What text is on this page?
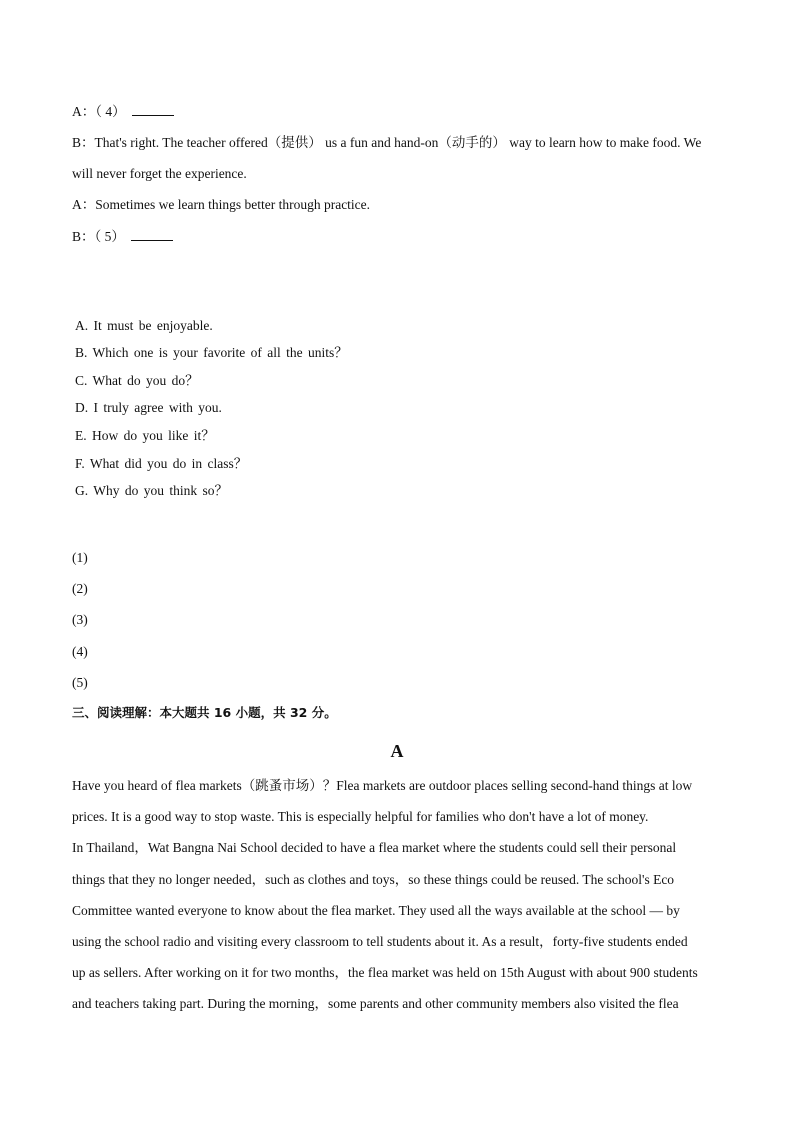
A：（ 4）
B：That's right. The teacher offered（提供） us a fun and hand-on（动手的） way to learn how to make food. We
will never forget the experience.
A：Sometimes we learn things better through practice.
B：（ 5）
A. It must be enjoyable.
B. Which one is your favorite of all the units？
C. What do you do？
D. I truly agree with you.
E. How do you like it？
F. What did you do in class？
G. Why do you think so？
(1)
(2)
(3)
(4)
(5)
三、阅读理解：本大题共 16 小题，共 32 分。
A
Have you heard of flea markets（跳蚤市场）？Flea markets are outdoor places selling second-hand things at low
prices. It is a good way to stop waste. This is especially helpful for families who don't have a lot of money.
In Thailand，Wat Bangna Nai School decided to have a flea market where the students could sell their personal
things that they no longer needed，such as clothes and toys，so these things could be reused. The school's Eco
Committee wanted everyone to know about the flea market. They used all the ways available at the school — by
using the school radio and visiting every classroom to tell students about it. As a result，forty-five students ended
up as sellers. After working on it for two months，the flea market was held on 15th August with about 900 students
and teachers taking part. During the morning，some parents and other community members also visited the flea
